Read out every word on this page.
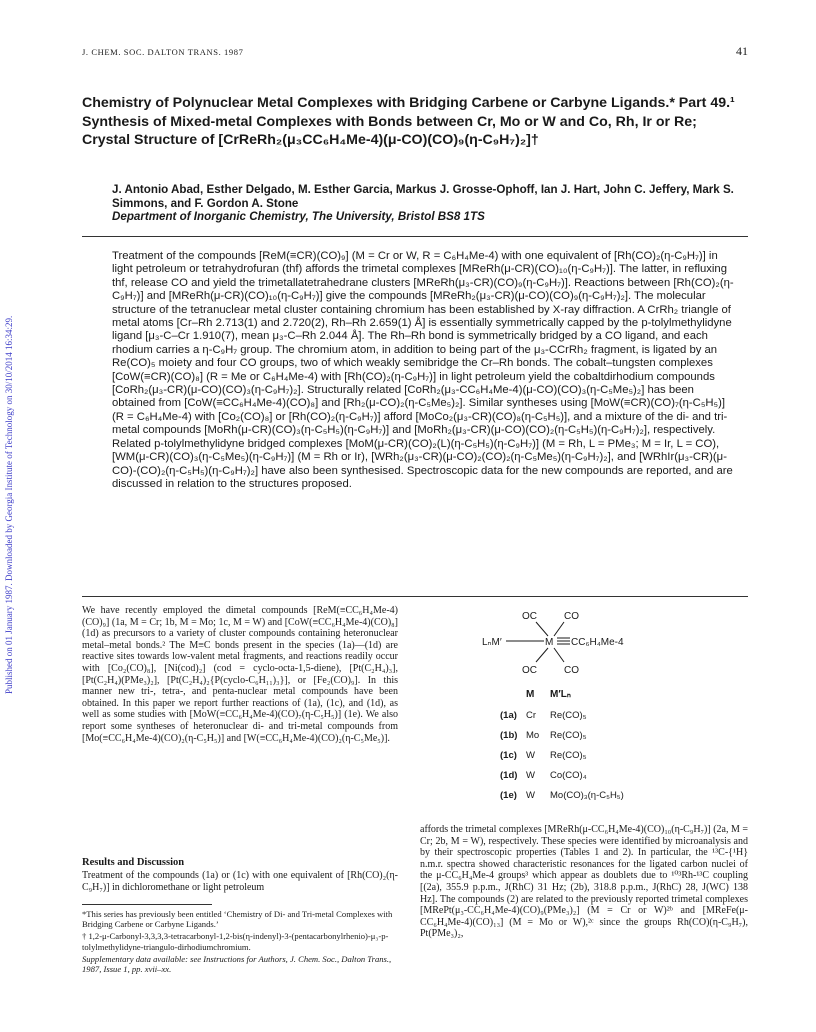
Published on 01 January 1987. Downloaded by Georgia Institute of Technology on 30/10/2014 16:34:29.
J. CHEM. SOC. DALTON TRANS. 1987	41
Chemistry of Polynuclear Metal Complexes with Bridging Carbene or Carbyne Ligands.* Part 49.¹ Synthesis of Mixed-metal Complexes with Bonds between Cr, Mo or W and Co, Rh, Ir or Re; Crystal Structure of [CrReRh₂(μ₃CC₆H₄Me-4)(μ-CO)(CO)₉(η-C₉H₇)₂]†
J. Antonio Abad, Esther Delgado, M. Esther Garcia, Markus J. Grosse-Ophoff, Ian J. Hart, John C. Jeffery, Mark S. Simmons, and F. Gordon A. Stone
Department of Inorganic Chemistry, The University, Bristol BS8 1TS

Treatment of the compounds [ReM(≡CR)(CO)₉] (M = Cr or W, R = C₆H₄Me-4) with one equivalent of [Rh(CO)₂(η-C₉H₇)] in light petroleum or tetrahydrofuran (thf) affords the trimetal complexes [MReRh(μ-CR)(CO)₁₀(η-C₉H₇)]. The latter, in refluxing thf, release CO and yield the trimetallatetrahedrane clusters [MReRh(μ₃-CR)(CO)₉(η-C₉H₇)]. Reactions between [Rh(CO)₂(η-C₉H₇)] and [MReRh(μ-CR)(CO)₁₀(η-C₉H₇)] give the compounds [MReRh₂(μ₃-CR)(μ-CO)(CO)₉(η-C₉H₇)₂]. The molecular structure of the tetranuclear metal cluster containing chromium has been established by X-ray diffraction. A CrRh₂ triangle of metal atoms [Cr–Rh 2.713(1) and 2.720(2), Rh–Rh 2.659(1) Å] is essentially symmetrically capped by the p-tolylmethylidyne ligand [μ₃-C–Cr 1.910(7), mean μ₃-C–Rh 2.044 Å]. The Rh–Rh bond is symmetrically bridged by a CO ligand, and each rhodium carries a η-C₉H₇ group. The chromium atom, in addition to being part of the μ₃-CCrRh₂ fragment, is ligated by an Re(CO)₅ moiety and four CO groups, two of which weakly semibridge the Cr–Rh bonds. The cobalt–tungsten complexes [CoW(≡CR)(CO)₈] (R = Me or C₆H₄Me-4) with [Rh(CO)₂(η-C₉H₇)] in light petroleum yield the cobaltdirhodium compounds [CoRh₂(μ₃-CR)(μ-CO)(CO)₃(η-C₉H₇)₂]. Structurally related [CoRh₂(μ₃-CC₆H₄Me-4)(μ-CO)(CO)₃(η-C₅Me₅)₂] has been obtained from [CoW(≡CC₆H₄Me-4)(CO)₈] and [Rh₂(μ-CO)₂(η-C₅Me₅)₂]. Similar syntheses using [MoW(≡CR)(CO)₇(η-C₅H₅)] (R = C₆H₄Me-4) with [Co₂(CO)₈] or [Rh(CO)₂(η-C₉H₇)] afford [MoCo₂(μ₃-CR)(CO)₈(η-C₅H₅)], and a mixture of the di- and tri-metal compounds [MoRh(μ-CR)(CO)₃(η-C₅H₅)(η-C₉H₇)] and [MoRh₂(μ₃-CR)(μ-CO)(CO)₂(η-C₅H₅)(η-C₉H₇)₂], respectively. Related p-tolylmethylidyne bridged complexes [MoM(μ-CR)(CO)₂(L)(η-C₅H₅)(η-C₉H₇)] (M = Rh, L = PMe₃; M = Ir, L = CO), [WM(μ-CR)(CO)₃(η-C₅Me₅)(η-C₉H₇)] (M = Rh or Ir), [WRh₂(μ₃-CR)(μ-CO)₂(CO)₂(η-C₅Me₅)(η-C₉H₇)₂], and [WRhIr(μ₃-CR)(μ-CO)-(CO)₂(η-C₅H₅)(η-C₉H₇)₂] have also been synthesised. Spectroscopic data for the new compounds are reported, and are discussed in relation to the structures proposed.

We have recently employed the dimetal compounds [ReM(≡CC₆H₄Me-4)(CO)₉] (1a, M = Cr; 1b, M = Mo; 1c, M = W) and [CoW(≡CC₆H₄Me-4)(CO)₈] (1d) as precursors to a variety of cluster compounds containing heteronuclear metal–metal bonds.² The M≡C bonds present in the species (1a)—(1d) are reactive sites towards low-valent metal fragments, and reactions readily occur with [Co₂(CO)₈], [Ni(cod)₂] (cod = cyclo-octa-1,5-diene), [Pt(C₂H₄)₃], [Pt(C₂H₄)(PMe₃)₂], [Pt(C₂H₄)₂{P(cyclo-C₆H₁₁)₃}], or [Fe₂(CO)₉]. In this manner new tri-, tetra-, and penta-nuclear metal compounds have been obtained. In this paper we report further reactions of (1a), (1c), and (1d), as well as some studies with [MoW(≡CC₆H₄Me-4)(CO)₇(η-C₅H₅)] (1e). We also report some syntheses of heteronuclear di- and tri-metal compounds from [Mo(≡CC₆H₄Me-4)(CO)₂(η-C₅H₅)] and [W(≡CC₆H₄Me-4)(CO)₂(η-C₅Me₅)].

Results and Discussion

Treatment of the compounds (1a) or (1c) with one equivalent of [Rh(CO)₂(η-C₉H₇)] in dichloromethane or light petroleum

*This series has previously been entitled ‘Chemistry of Di- and Tri-metal Complexes with Bridging Carbene or Carbyne Ligands.’

† 1,2-μ-Carbonyl-3,3,3,3-tetracarbonyl-1,2-bis(η-indenyl)-3-(pentacarbonylrhenio)-μ₃-p-tolylmethylidyne-triangulo-dirhodiumchromium.

Supplementary data available: see Instructions for Authors, J. Chem. Soc., Dalton Trans., 1987, Issue 1, pp. xvii–xx.

OC	CO
LₙM′	M CC₆H₄Me-4
OC	CO
M M′Lₙ
(1a) Cr Re(CO)₅
(1b) Mo Re(CO)₅
(1c) W Re(CO)₅
(1d) W Co(CO)₄
(1e) W Mo(CO)₃(η-C₅H₅)

affords the trimetal complexes [MReRh(μ-CC₆H₄Me-4)(CO)₁₀(η-C₉H₇)] (2a, M = Cr; 2b, M = W), respectively. These species were identified by microanalysis and by their spectroscopic properties (Tables 1 and 2). In particular, the ¹³C-{¹H} n.m.r. spectra showed characteristic resonances for the ligated carbon nuclei of the μ-CC₆H₄Me-4 groups³ which appear as doublets due to ¹⁰³Rh-¹³C coupling [(2a), 355.9 p.p.m., J(RhC) 31 Hz; (2b), 318.8 p.p.m., J(RhC) 28, J(WC) 138 Hz]. The compounds (2) are related to the previously reported trimetal complexes [MRePt(μ₃-CC₆H₄Me-4)(CO)₉(PMe₃)₂] (M = Cr or W)²ᵇ and [MReFe(μ-CC₆H₄Me-4)(CO)₁₃] (M = Mo or W),²ᶜ since the groups Rh(CO)(η-C₉H₇), Pt(PMe₃)₂,
